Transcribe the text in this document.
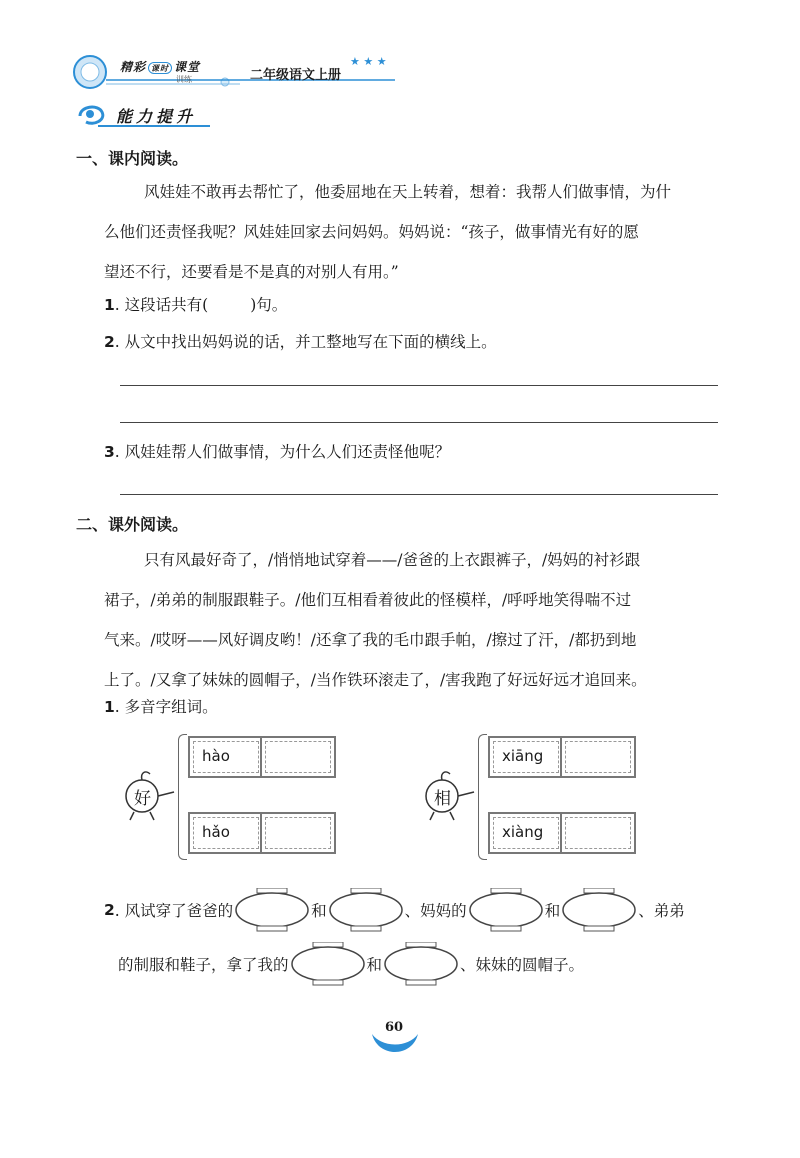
精彩 课时 课堂
训练	二年级语文上册
★ ★ ★
能力提升
一、课内阅读。
风娃娃不敢再去帮忙了，他委屈地在天上转着，想着：我帮人们做事情，为什
么他们还责怪我呢？风娃娃回家去问妈妈。妈妈说：“孩子，做事情光有好的愿
望还不行，还要看是不是真的对别人有用。”
1. 这段话共有(	)句。
2. 从文中找出妈妈说的话，并工整地写在下面的横线上。
3. 风娃娃帮人们做事情，为什么人们还责怪他呢？
二、课外阅读。
只有风最好奇了，/悄悄地试穿着——/爸爸的上衣跟裤子，/妈妈的衬衫跟
裙子，/弟弟的制服跟鞋子。/他们互相看着彼此的怪模样，/呼呼地笑得喘不过
气来。/哎呀——风好调皮哟！/还拿了我的毛巾跟手帕，/擦过了汗，/都扔到地
上了。/又拿了妹妹的圆帽子，/当作铁环滚走了，/害我跑了好远好远才追回来。
1. 多音字组词。
好
hào
hǎo
相
xiāng
xiàng
2 . 风试穿了爸爸的	和	、妈妈的	和	、弟弟
的制服和鞋子，拿了我的	和	、妹妹的圆帽子。
60
